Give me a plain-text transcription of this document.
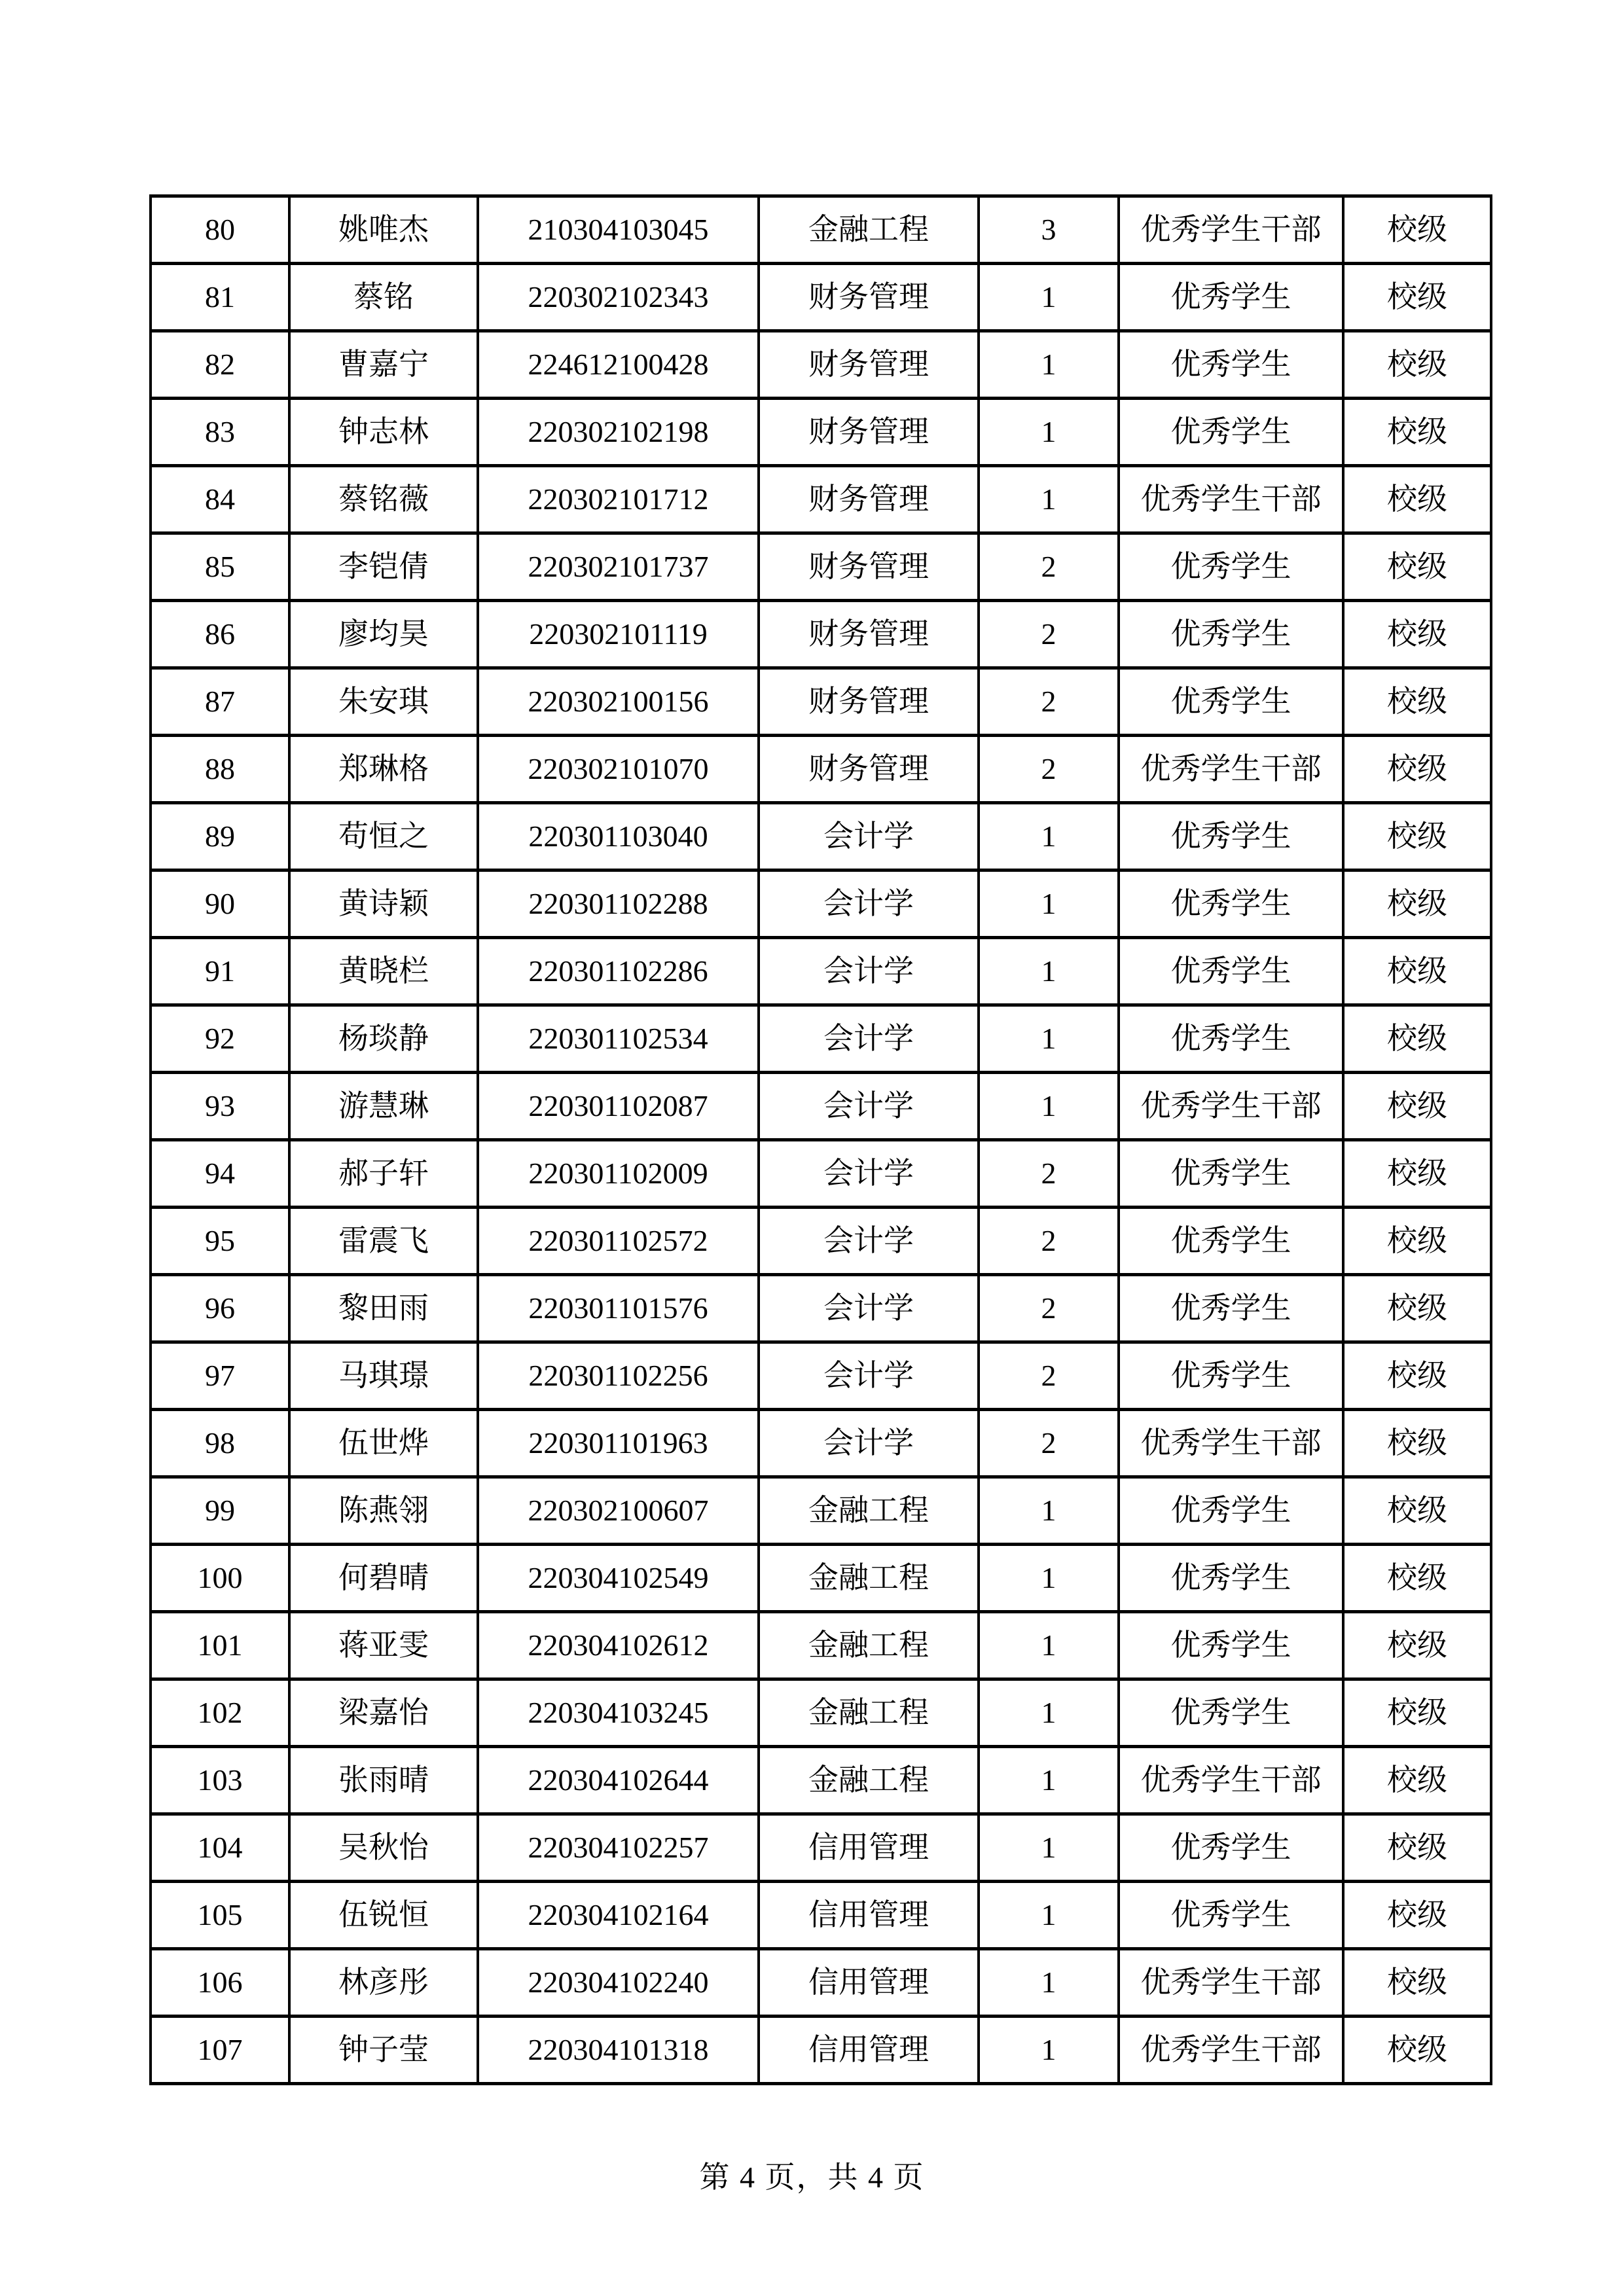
80	姚唯杰	210304103045	金融工程	3	优秀学生干部	校级
81	蔡铭	220302102343	财务管理	1	优秀学生	校级
82	曹嘉宁	224612100428	财务管理	1	优秀学生	校级
83	钟志林	220302102198	财务管理	1	优秀学生	校级
84	蔡铭薇	220302101712	财务管理	1	优秀学生干部	校级
85	李铠倩	220302101737	财务管理	2	优秀学生	校级
86	廖均昊	220302101119	财务管理	2	优秀学生	校级
87	朱安琪	220302100156	财务管理	2	优秀学生	校级
88	郑琳格	220302101070	财务管理	2	优秀学生干部	校级
89	苟恒之	220301103040	会计学	1	优秀学生	校级
90	黄诗颖	220301102288	会计学	1	优秀学生	校级
91	黄晓栏	220301102286	会计学	1	优秀学生	校级
92	杨琰静	220301102534	会计学	1	优秀学生	校级
93	游慧琳	220301102087	会计学	1	优秀学生干部	校级
94	郝子轩	220301102009	会计学	2	优秀学生	校级
95	雷震飞	220301102572	会计学	2	优秀学生	校级
96	黎田雨	220301101576	会计学	2	优秀学生	校级
97	马琪璟	220301102256	会计学	2	优秀学生	校级
98	伍世烨	220301101963	会计学	2	优秀学生干部	校级
99	陈燕翎	220302100607	金融工程	1	优秀学生	校级
100	何碧晴	220304102549	金融工程	1	优秀学生	校级
101	蒋亚雯	220304102612	金融工程	1	优秀学生	校级
102	梁嘉怡	220304103245	金融工程	1	优秀学生	校级
103	张雨晴	220304102644	金融工程	1	优秀学生干部	校级
104	吴秋怡	220304102257	信用管理	1	优秀学生	校级
105	伍锐恒	220304102164	信用管理	1	优秀学生	校级
106	林彦彤	220304102240	信用管理	1	优秀学生干部	校级
107	钟子莹	220304101318	信用管理	1	优秀学生干部	校级
第 4 页，共 4 页
